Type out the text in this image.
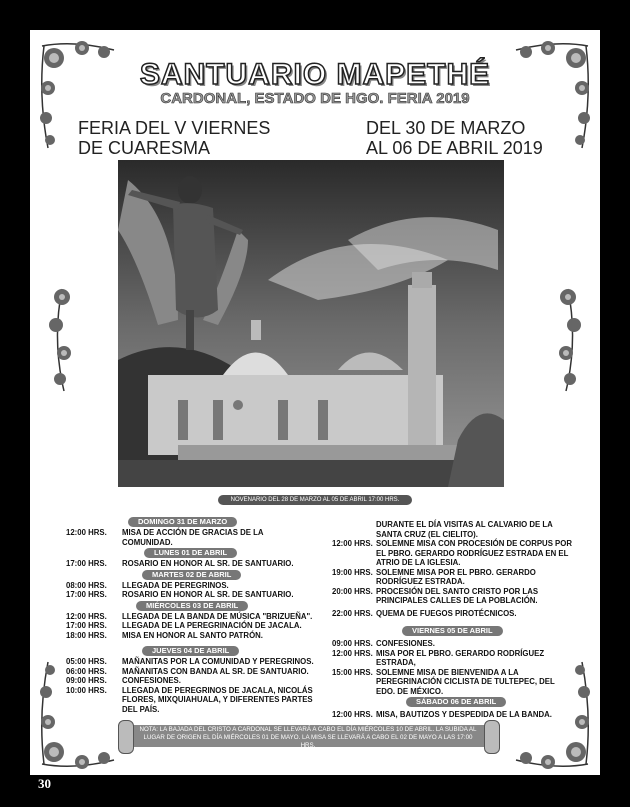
SANTUARIO MAPETHÉ
CARDONAL, ESTADO DE HGO. FERIA 2019
FERIA DEL V VIERNES
DE CUARESMA
DEL 30 DE MARZO
AL 06 DE ABRIL 2019
NOVENARIO DEL 28 DE MARZO AL 05 DE ABRIL 17:00 HRS.
DOMINGO 31 DE MARZO
12:00 HRS.	MISA DE ACCIÓN DE GRACIAS DE LA COMUNIDAD.
LUNES 01 DE ABRIL
17:00 HRS.	ROSARIO EN HONOR AL SR. DE SANTUARIO.
MARTES 02 DE ABRIL
08:00 HRS.	LLEGADA DE PEREGRINOS.
17:00 HRS.	ROSARIO EN HONOR AL SR. DE SANTUARIO.
MIÉRCOLES 03 DE ABRIL
12:00 HRS.	LLEGADA DE LA BANDA DE MÚSICA "BRIZUEÑA".
17:00 HRS.	LLEGADA DE LA PEREGRINACIÓN DE JACALA.
18:00 HRS.	MISA EN HONOR AL SANTO PATRÓN.
JUEVES 04 DE ABRIL
05:00 HRS.	MAÑANITAS POR LA COMUNIDAD Y PEREGRINOS.
06:00 HRS.	MAÑANITAS CON BANDA AL SR. DE SANTUARIO.
09:00 HRS.	CONFESIONES.
10:00 HRS.	LLEGADA DE PEREGRINOS DE JACALA, NICOLÁS FLORES, MIXQUIAHUALA, Y DIFERENTES PARTES DEL PAÍS.
DURANTE EL DÍA VISITAS AL CALVARIO DE LA SANTA CRUZ (EL CIELITO).
12:00 HRS. SOLEMNE MISA CON PROCESIÓN DE CORPUS POR EL PBRO. GERARDO RODRÍGUEZ ESTRADA EN EL ATRIO DE LA IGLESIA.
19:00 HRS. SOLEMNE MISA POR EL PBRO. GERARDO RODRÍGUEZ ESTRADA.
20:00 HRS. PROCESIÓN DEL SANTO CRISTO POR LAS PRINCIPALES CALLES DE LA POBLACIÓN.
22:00 HRS. QUEMA DE FUEGOS PIROTÉCNICOS.
VIERNES 05 DE ABRIL
09:00 HRS. CONFESIONES.
12:00 HRS. MISA POR EL PBRO. GERARDO RODRÍGUEZ ESTRADA,
15:00 HRS. SOLEMNE MISA DE BIENVENIDA A LA PEREGRINACIÓN CICLISTA DE TULTEPEC, DEL EDO. DE MÉXICO.
SÁBADO 06 DE ABRIL
12:00 HRS. MISA, BAUTIZOS Y DESPEDIDA DE LA BANDA.
NOTA: LA BAJADA DEL CRISTO A CARDONAL SE LLEVARÁ A CABO EL DÍA MIÉRCOLES 10 DE ABRIL. LA SUBIDA AL LUGAR DE ORIGEN EL DÍA MIÉRCOLES 01 DE MAYO. LA MISA SE LLEVARÁ A CABO EL 02 DE MAYO A LAS 17:00 HRS.
30
